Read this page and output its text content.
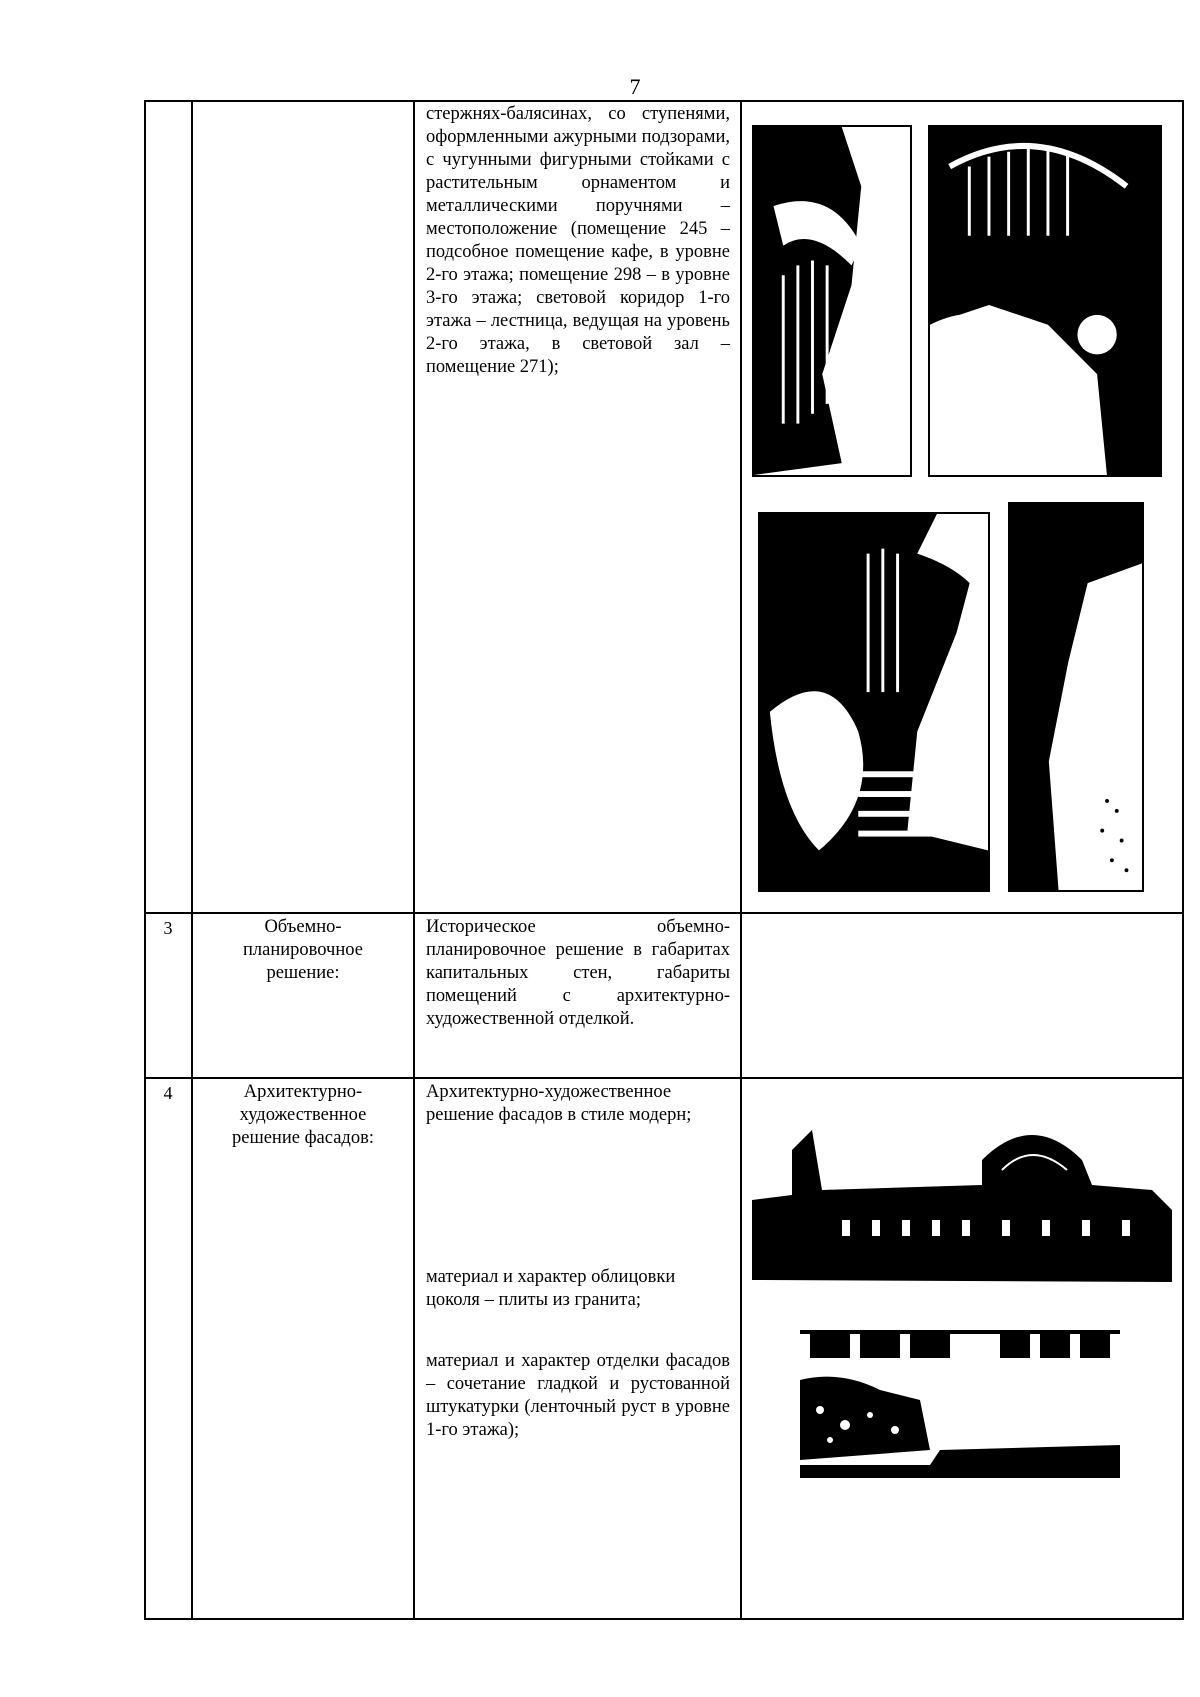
7
стержнях-балясинах, со ступенями, оформленными ажурными подзорами, с чугунными фигурными стойками с растительным орнаментом и металлическими поручнями – местоположение (помещение 245 – подсобное помещение кафе, в уровне 2-го этажа; помещение 298 – в уровне 3-го этажа; световой коридор 1-го этажа – лестница, ведущая на уровень 2-го этажа, в световой зал – помещение 271);
3	Объемно-планировочное решение:
Историческое объемно-планировочное решение в габаритах капитальных стен, габариты помещений с архитектурно-художественной отделкой.
4	Архитектурно-художественное решение фасадов:
Архитектурно-художественное решение фасадов в стиле модерн;
материал и характер облицовки цоколя – плиты из гранита;
материал и характер отделки фасадов – сочетание гладкой и рустованной штукатурки (ленточный руст в уровне 1-го этажа);
